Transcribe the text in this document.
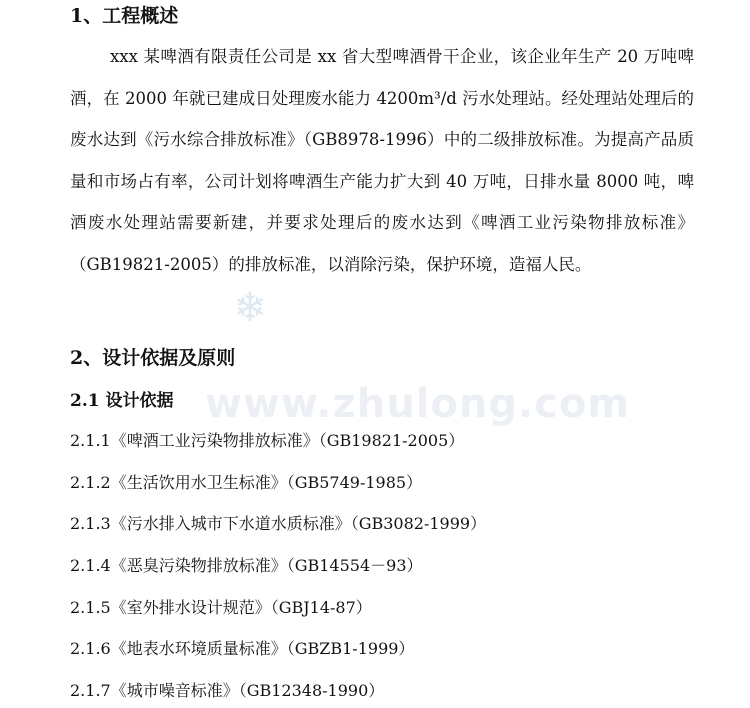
❄
www.zhulong.com
1、工程概述
xxx 某啤酒有限责任公司是 xx 省大型啤酒骨干企业，该企业年生产 20 万吨啤酒，在 2000 年就已建成日处理废水能力 4200m³/d 污水处理站。经处理站处理后的废水达到《污水综合排放标准》（GB8978-1996）中的二级排放标准。为提高产品质量和市场占有率，公司计划将啤酒生产能力扩大到 40 万吨，日排水量 8000 吨，啤酒废水处理站需要新建，并要求处理后的废水达到《啤酒工业污染物排放标准》（GB19821-2005）的排放标准，以消除污染，保护环境，造福人民。
2、设计依据及原则
2.1 设计依据
2.1.1《啤酒工业污染物排放标准》（GB19821-2005）
2.1.2《生活饮用水卫生标准》（GB5749-1985）
2.1.3《污水排入城市下水道水质标准》（GB3082-1999）
2.1.4《恶臭污染物排放标准》（GB14554－93）
2.1.5《室外排水设计规范》（GBJ14-87）
2.1.6《地表水环境质量标准》（GBZB1-1999）
2.1.7《城市噪音标准》（GB12348-1990）
